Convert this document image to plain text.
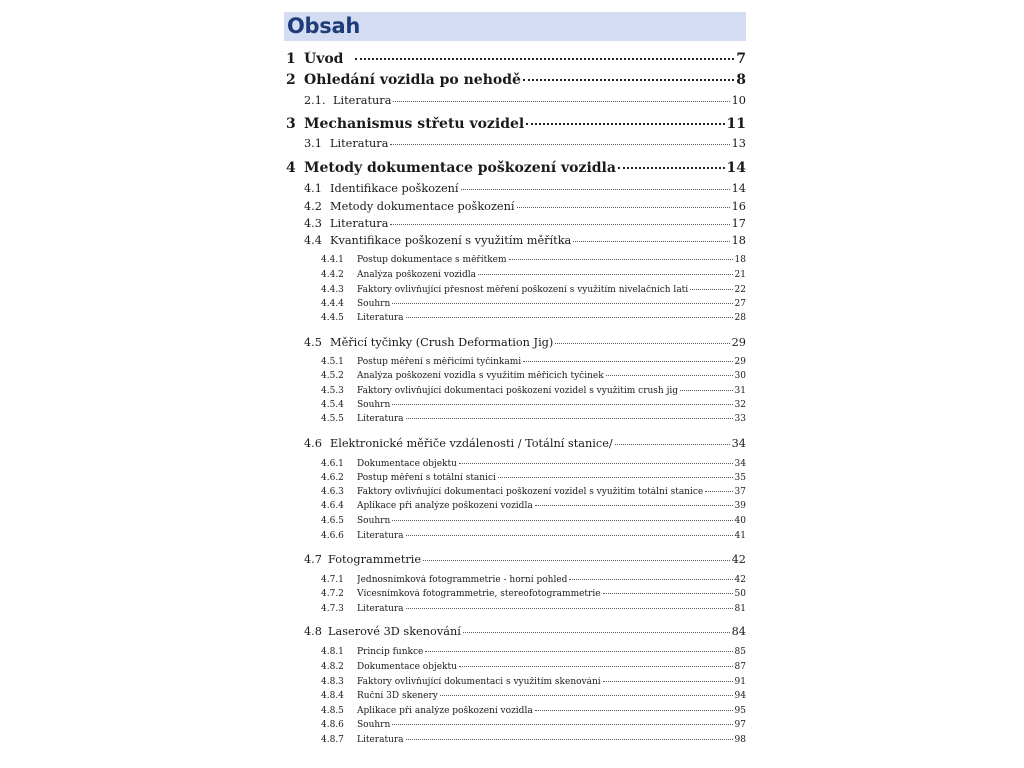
Obsah
1 Úvod	7
2 Ohledání vozidla po nehodě	8
2.1. Literatura	10
3 Mechanismus střetu vozidel	11
3.1 Literatura	13
4 Metody dokumentace poškození vozidla	14
4.1 Identifikace poškození	14
4.2 Metody dokumentace poškození	16
4.3 Literatura	17
4.4 Kvantifikace poškození s využitím měřítka	18
4.4.1	Postup dokumentace s měřítkem	18
4.4.2	Analýza poškození vozidla	21
4.4.3	Faktory ovlivňující přesnost měření poškození s využitím nivelačních latí	22
4.4.4	Souhrn	27
4.4.5	Literatura	28
4.5 Měřicí tyčinky (Crush Deformation Jig)	29
4.5.1	Postup měření s měřicími tyčinkami	29
4.5.2	Analýza poškození vozidla s využitím měřicích tyčinek	30
4.5.3	Faktory ovlivňující dokumentaci poškození vozidel s využitím crush jig	31
4.5.4	Souhrn	32
4.5.5	Literatura	33
4.6 Elektronické měřiče vzdálenosti / Totální stanice/	34
4.6.1	Dokumentace objektu	34
4.6.2	Postup měření s totální stanicí	35
4.6.3	Faktory ovlivňující dokumentaci poškození vozidel s využitím totální stanice	37
4.6.4	Aplikace při analýze poškození vozidla	39
4.6.5	Souhrn	40
4.6.6	Literatura	41
4.7 Fotogrammetrie	42
4.7.1	Jednosnímková fotogrammetrie - horní pohled	42
4.7.2	Vícesnímková fotogrammetrie, stereofotogrammetrie	50
4.7.3	Literatura	81
4.8 Laserové 3D skenování	84
4.8.1	Princip funkce	85
4.8.2	Dokumentace objektu	87
4.8.3	Faktory ovlivňující dokumentaci s využitím skenování	91
4.8.4	Ruční 3D skenery	94
4.8.5	Aplikace při analýze poškození vozidla	95
4.8.6	Souhrn	97
4.8.7	Literatura	98
